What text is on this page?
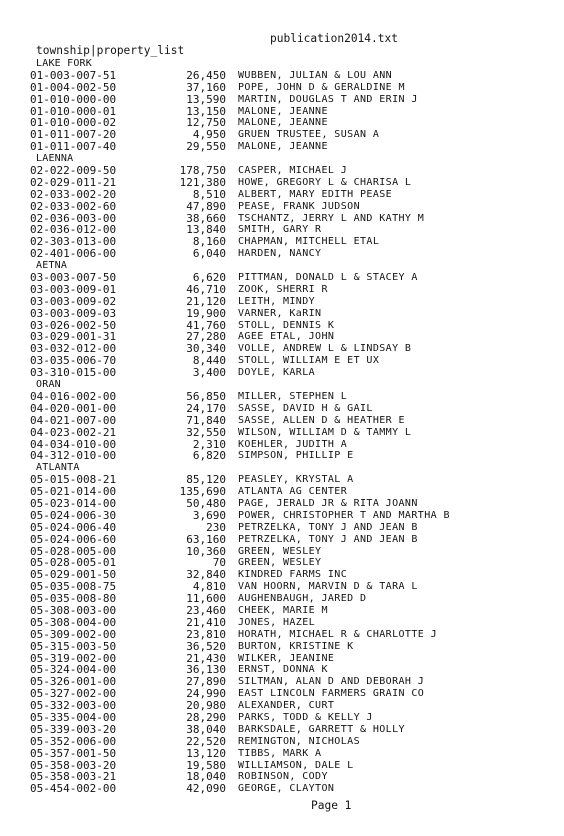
publication2014.txt
township|property_list
LAKE FORK
01-003-007-51	26,450 WUBBEN, JULIAN & LOU ANN
01-004-002-50	37,160 POPE, JOHN D & GERALDINE M
01-010-000-00	13,590 MARTIN, DOUGLAS T AND ERIN J
01-010-000-01	13,150 MALONE, JEANNE
01-010-000-02	12,750 MALONE, JEANNE
01-011-007-20	4,950 GRUEN TRUSTEE, SUSAN A
01-011-007-40	29,550 MALONE, JEANNE
LAENNA
02-022-009-50	178,750 CASPER, MICHAEL J
02-029-011-21	121,380 HOWE, GREGORY L & CHARISA L
02-033-002-20	8,510 ALBERT, MARY EDITH PEASE
02-033-002-60	47,890 PEASE, FRANK JUDSON
02-036-003-00	38,660 TSCHANTZ, JERRY L AND KATHY M
02-036-012-00	13,840 SMITH, GARY R
02-303-013-00	8,160 CHAPMAN, MITCHELL ETAL
02-401-006-00	6,040 HARDEN, NANCY
AETNA
03-003-007-50	6,620 PITTMAN, DONALD L & STACEY A
03-003-009-01	46,710 ZOOK, SHERRI R
03-003-009-02	21,120 LEITH, MINDY
03-003-009-03	19,900 VARNER, KaRIN
03-026-002-50	41,760 STOLL, DENNIS K
03-029-001-31	27,280 AGEE ETAL, JOHN
03-032-012-00	30,340 VOLLE, ANDREW L & LINDSAY B
03-035-006-70	8,440 STOLL, WILLIAM E ET UX
03-310-015-00	3,400 DOYLE, KARLA
ORAN
04-016-002-00	56,850 MILLER, STEPHEN L
04-020-001-00	24,170 SASSE, DAVID H & GAIL
04-021-007-00	71,840 SASSE, ALLEN D & HEATHER E
04-023-002-21	32,550 WILSON, WILLIAM D & TAMMY L
04-034-010-00	2,310 KOEHLER, JUDITH A
04-312-010-00	6,820 SIMPSON, PHILLIP E
ATLANTA
05-015-008-21	85,120 PEASLEY, KRYSTAL A
05-021-014-00	135,690 ATLANTA AG CENTER
05-023-014-00	50,480 PAGE, JERALD JR & RITA JOANN
05-024-006-30	3,690 POWER, CHRISTOPHER T AND MARTHA B
05-024-006-40	230 PETRZELKA, TONY J AND JEAN B
05-024-006-60	63,160 PETRZELKA, TONY J AND JEAN B
05-028-005-00	10,360 GREEN, WESLEY
05-028-005-01	70 GREEN, WESLEY
05-029-001-50	32,840 KINDRED FARMS INC
05-035-008-75	4,810 VAN HOORN, MARVIN D & TARA L
05-035-008-80	11,600 AUGHENBAUGH, JARED D
05-308-003-00	23,460 CHEEK, MARIE M
05-308-004-00	21,410 JONES, HAZEL
05-309-002-00	23,810 HORATH, MICHAEL R & CHARLOTTE J
05-315-003-50	36,520 BURTON, KRISTINE K
05-319-002-00	21,430 WILKER, JEANINE
05-324-004-00	36,130 ERNST, DONNA K
05-326-001-00	27,890 SILTMAN, ALAN D AND DEBORAH J
05-327-002-00	24,990 EAST LINCOLN FARMERS GRAIN CO
05-332-003-00	20,980 ALEXANDER, CURT
05-335-004-00	28,290 PARKS, TODD & KELLY J
05-339-003-20	38,040 BARKSDALE, GARRETT & HOLLY
05-352-006-00	22,520 REMINGTON, NICHOLAS
05-357-001-50	13,120 TIBBS, MARK A
05-358-003-20	19,580 WILLIAMSON, DALE L
05-358-003-21	18,040 ROBINSON, CODY
05-454-002-00	42,090 GEORGE, CLAYTON
Page 1
